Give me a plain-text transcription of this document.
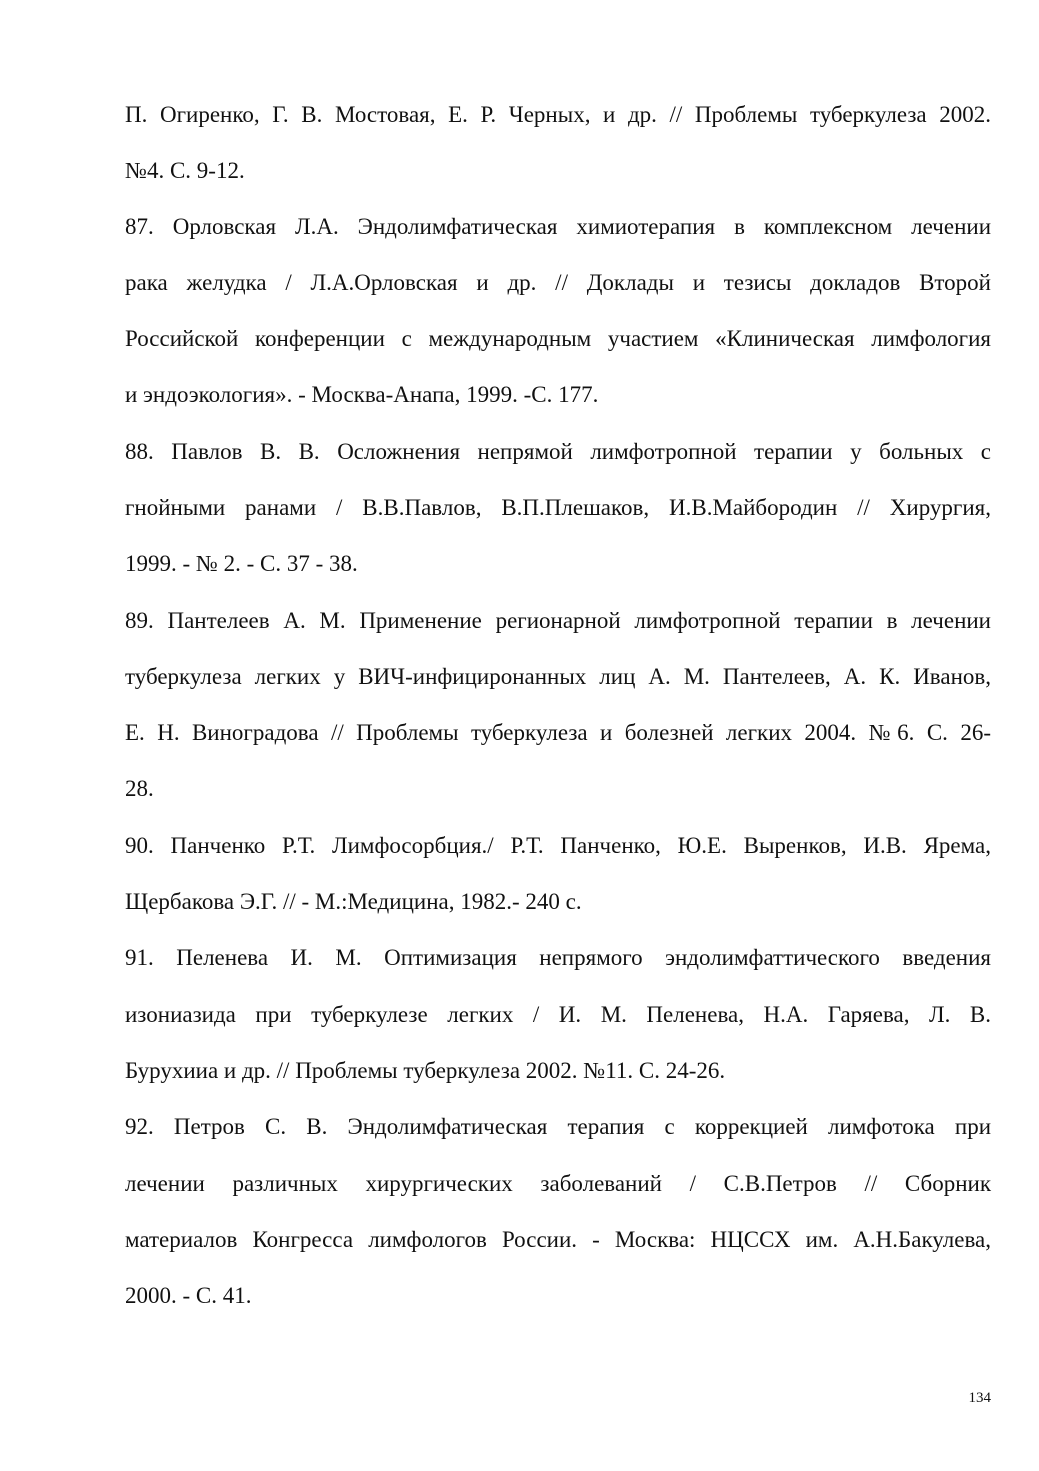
П. Огиренко, Г. В. Мостовая, Е. Р. Черных, и др. // Проблемы туберкулеза 2002.
№4. С. 9-12.
87. Орловская Л.А. Эндолимфатическая химиотерапия в комплексном лечении
рака желудка / Л.А.Орловская и др. // Доклады и тезисы докладов Второй
Российской конференции с международным участием «Клиническая лимфология
и эндоэкология». - Москва-Анапа, 1999. -С. 177.
88. Павлов В. В. Осложнения непрямой лимфотропной терапии у больных с
гнойными ранами / В.В.Павлов, В.П.Плешаков, И.В.Майбородин // Хирургия,
1999. - № 2. - С. 37 - 38.
89. Пантелеев А. М. Применение регионарной лимфотропной терапии в лечении
туберкулеза легких у ВИЧ-инфициронанных лиц А. М. Пантелеев, А. К. Иванов,
Е. Н. Виноградова // Проблемы туберкулеза и болезней легких 2004. №6. С. 26-
28.
90. Панченко Р.Т. Лимфосорбция./ Р.Т. Панченко, Ю.Е. Выренков, И.В. Ярема,
Щербакова Э.Г. // - М.:Медицина, 1982.- 240 с.
91. Пеленева И. М. Оптимизация непрямого эндолимфаттического введения
изониазида при туберкулезе легких / И. М. Пеленева, Н.А. Гаряева, Л. В.
Бурухииа и др. // Проблемы туберкулеза 2002. №11. С. 24-26.
92. Петров С. В. Эндолимфатическая терапия с коррекцией лимфотока при
лечении различных хирургических заболеваний / С.В.Петров // Сборник
материалов Конгресса лимфологов России. - Москва: НЦССХ им. А.Н.Бакулева,
2000. - С. 41.
134
